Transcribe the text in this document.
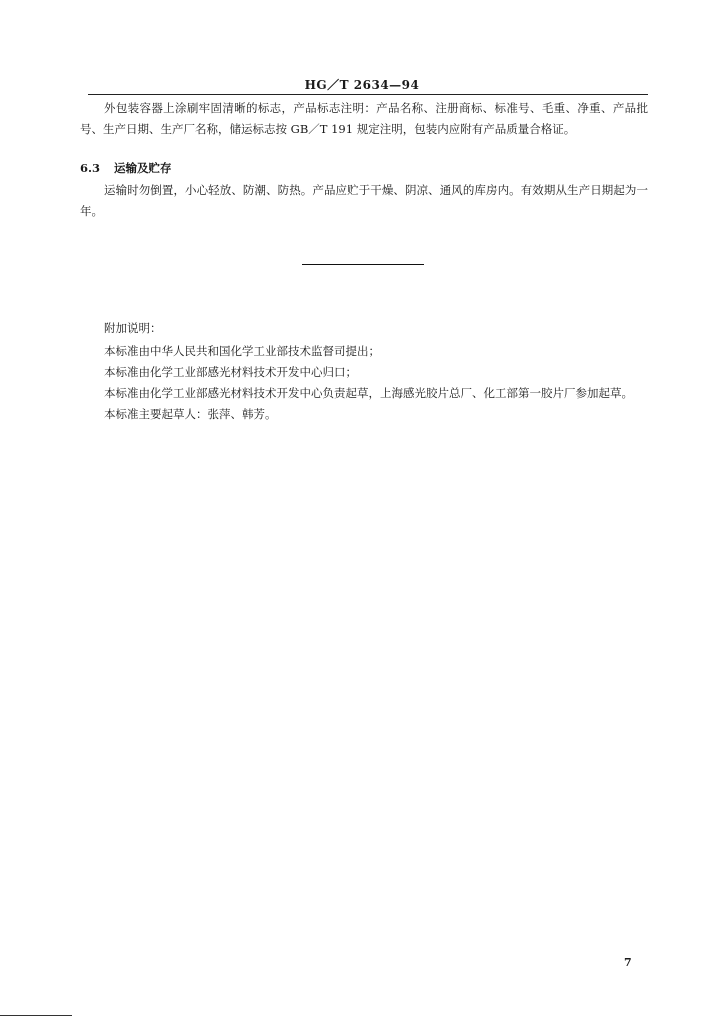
HG／T 2634—94

外包装容器上涂刷牢固清晰的标志，产品标志注明：产品名称、注册商标、标准号、毛重、净重、产品批号、生产日期、生产厂名称，储运标志按 GB／T 191 规定注明，包装内应附有产品质量合格证。

6.3 运输及贮存

运输时勿倒置，小心轻放、防潮、防热。产品应贮于干燥、阴凉、通风的库房内。有效期从生产日期起为一年。

附加说明：

本标准由中华人民共和国化学工业部技术监督司提出；

本标准由化学工业部感光材料技术开发中心归口；

本标准由化学工业部感光材料技术开发中心负责起草，上海感光胶片总厂、化工部第一胶片厂参加起草。

本标准主要起草人：张萍、韩芳。

7
